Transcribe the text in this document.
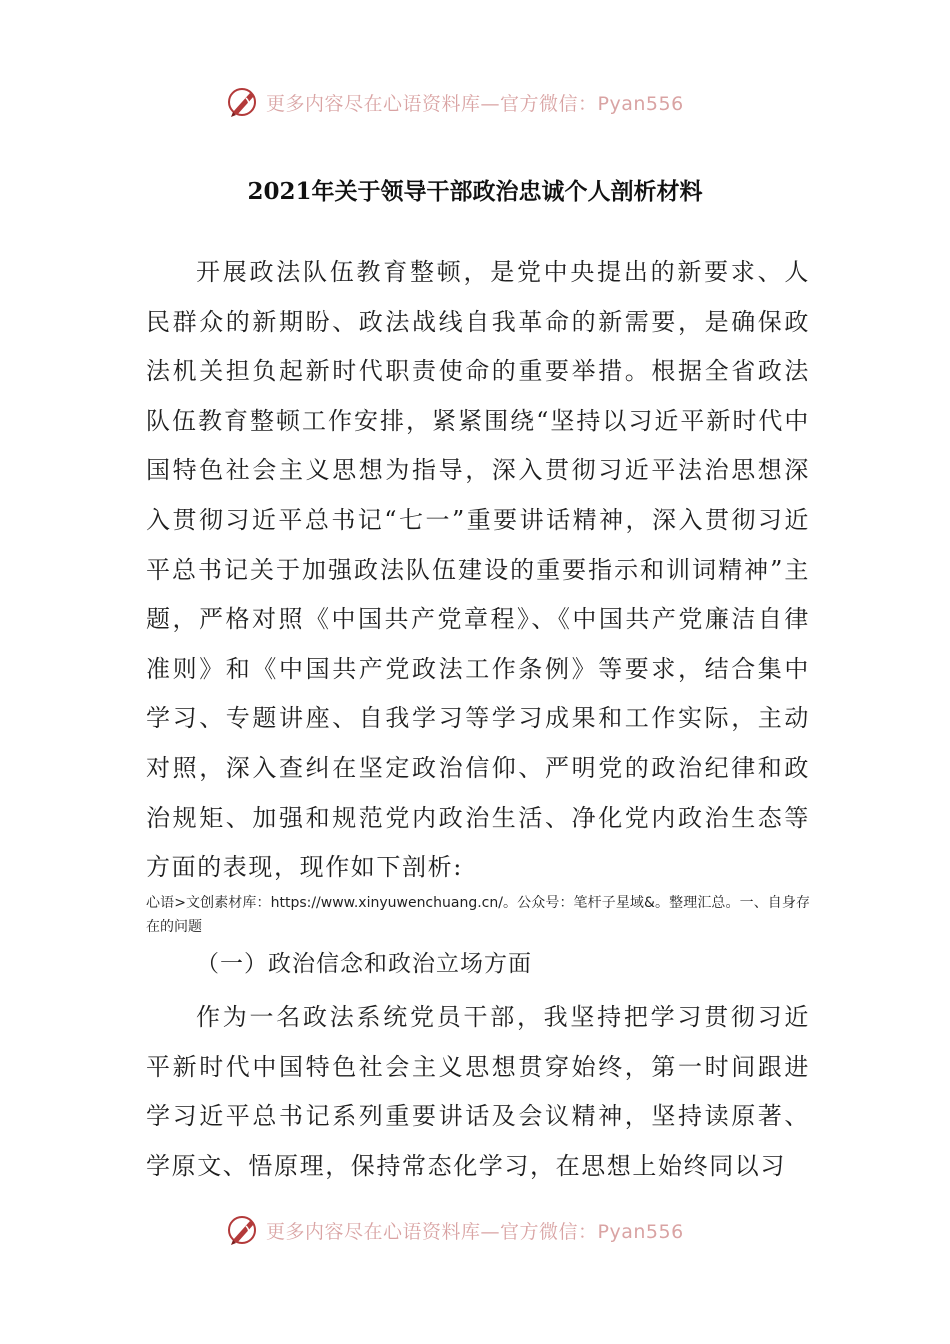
更多内容尽在心语资料库—官方微信：Pyan556
2021年关于领导干部政治忠诚个人剖析材料

开展政法队伍教育整顿，是党中央提出的新要求、人民群众的新期盼、政法战线自我革命的新需要，是确保政法机关担负起新时代职责使命的重要举措。根据全省政法队伍教育整顿工作安排，紧紧围绕“坚持以习近平新时代中国特色社会主义思想为指导，深入贯彻习近平法治思想深入贯彻习近平总书记“七一”重要讲话精神，深入贯彻习近平总书记关于加强政法队伍建设的重要指示和训词精神”主题，严格对照《中国共产党章程》、《中国共产党廉洁自律准则》和《中国共产党政法工作条例》等要求，结合集中学习、专题讲座、自我学习等学习成果和工作实际，主动对照，深入查纠在坚定政治信仰、严明党的政治纪律和政治规矩、加强和规范党内政治生活、净化党内政治生态等方面的表现，现作如下剖析:

心语>文创素材库：https://www.xinyuwenchuang.cn/。公众号：笔杆子星域&。整理汇总。一、自身存在的问题
（一）政治信念和政治立场方面

作为一名政法系统党员干部，我坚持把学习贯彻习近平新时代中国特色社会主义思想贯穿始终，第一时间跟进学习近平总书记系列重要讲话及会议精神，坚持读原著、学原文、悟原理，保持常态化学习，在思想上始终同以习

更多内容尽在心语资料库—官方微信：Pyan556
